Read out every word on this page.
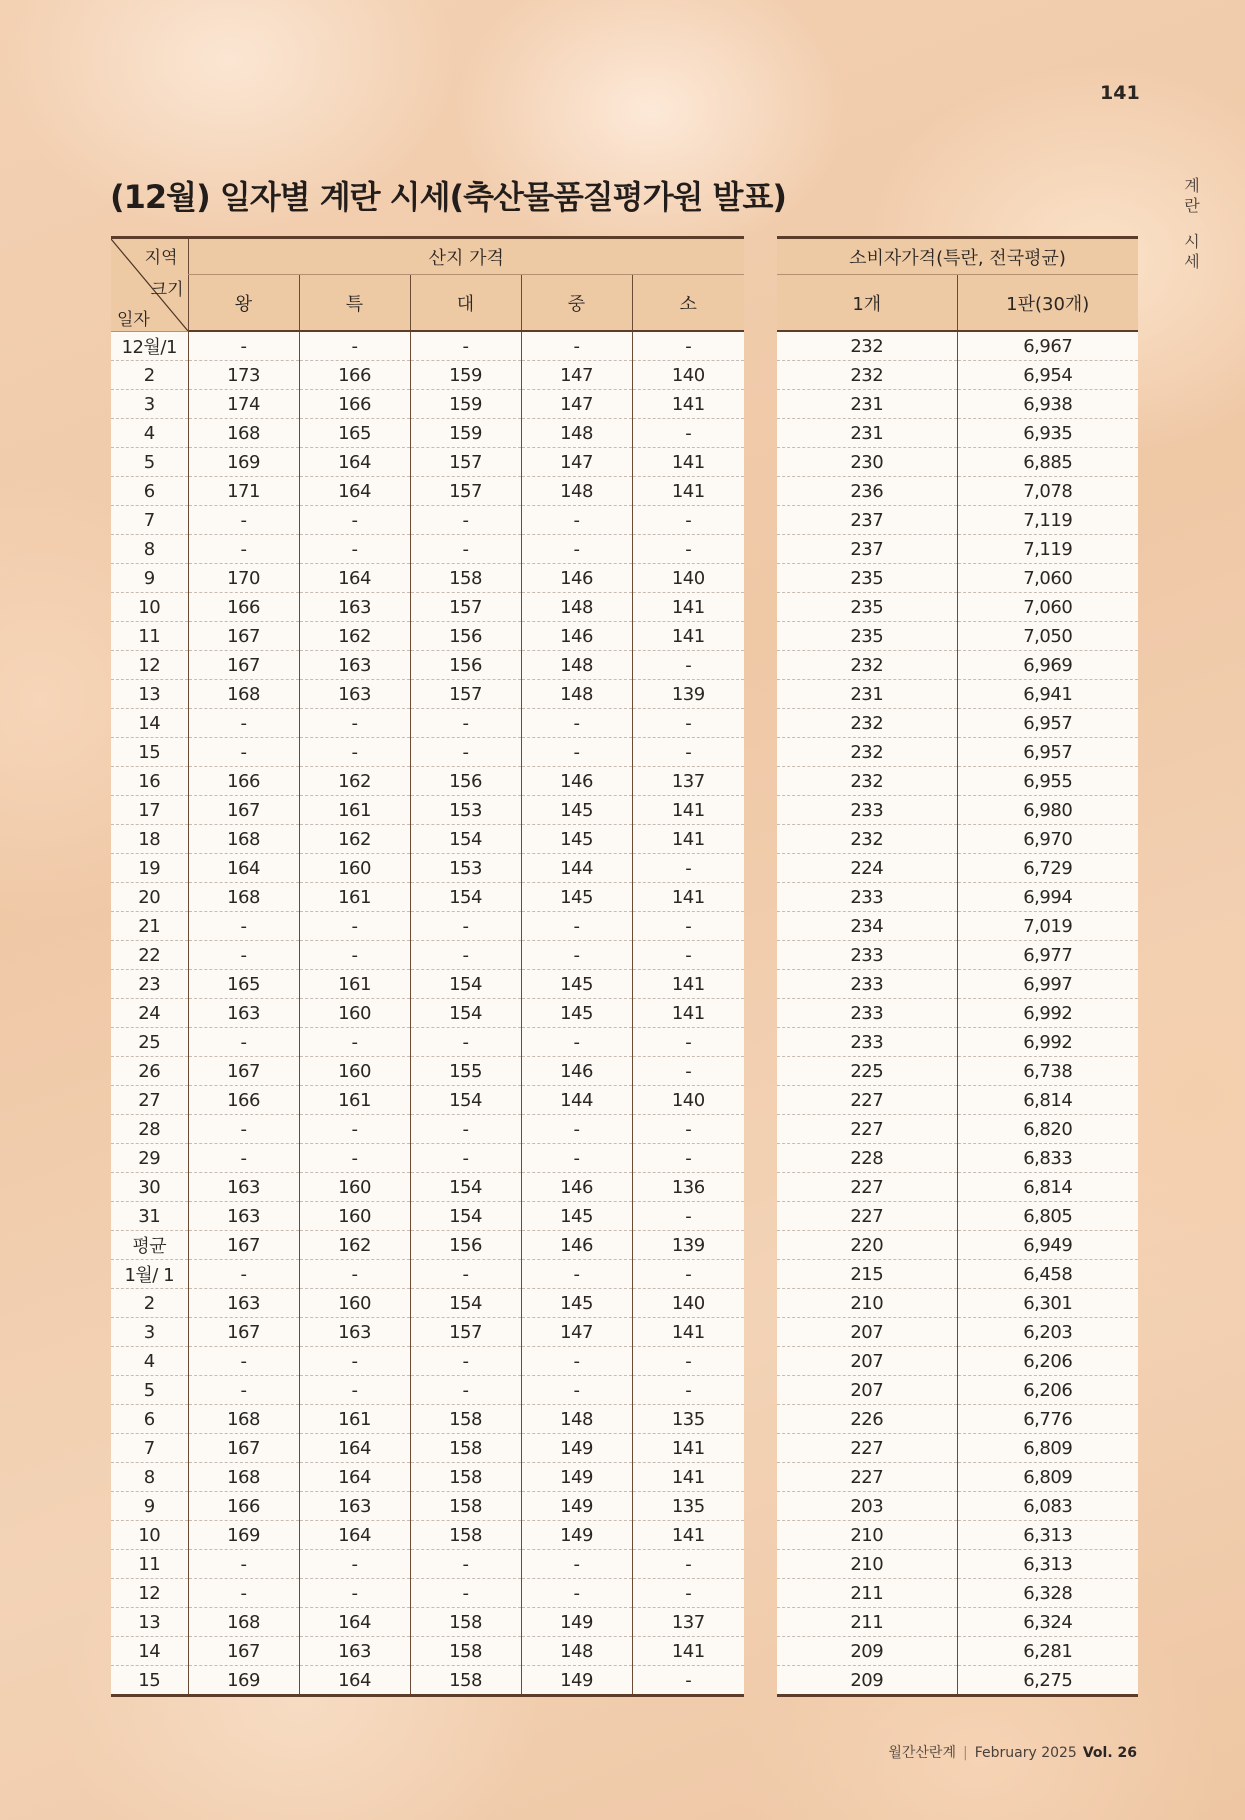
141
계
란
시
세
(12월) 일자별 계란 시세(축산물품질평가원 발표)
지역
크기
일자	산지 가격				
	왕	특	대	중	소
12월/1	-	-	-	-	-
2	173	166	159	147	140
3	174	166	159	147	141
4	168	165	159	148	-
5	169	164	157	147	141
6	171	164	157	148	141
7	-	-	-	-	-
8	-	-	-	-	-
9	170	164	158	146	140
10	166	163	157	148	141
11	167	162	156	146	141
12	167	163	156	148	-
13	168	163	157	148	139
14	-	-	-	-	-
15	-	-	-	-	-
16	166	162	156	146	137
17	167	161	153	145	141
18	168	162	154	145	141
19	164	160	153	144	-
20	168	161	154	145	141
21	-	-	-	-	-
22	-	-	-	-	-
23	165	161	154	145	141
24	163	160	154	145	141
25	-	-	-	-	-
26	167	160	155	146	-
27	166	161	154	144	140
28	-	-	-	-	-
29	-	-	-	-	-
30	163	160	154	146	136
31	163	160	154	145	-
평균	167	162	156	146	139
1월/ 1	-	-	-	-	-
2	163	160	154	145	140
3	167	163	157	147	141
4	-	-	-	-	-
5	-	-	-	-	-
6	168	161	158	148	135
7	167	164	158	149	141
8	168	164	158	149	141
9	166	163	158	149	135
10	169	164	158	149	141
11	-	-	-	-	-
12	-	-	-	-	-
13	168	164	158	149	137
14	167	163	158	148	141
15	169	164	158	149	-
소비자가격(특란, 전국평균)	
1개	1판(30개)
232	6,967
232	6,954
231	6,938
231	6,935
230	6,885
236	7,078
237	7,119
237	7,119
235	7,060
235	7,060
235	7,050
232	6,969
231	6,941
232	6,957
232	6,957
232	6,955
233	6,980
232	6,970
224	6,729
233	6,994
234	7,019
233	6,977
233	6,997
233	6,992
233	6,992
225	6,738
227	6,814
227	6,820
228	6,833
227	6,814
227	6,805
220	6,949
215	6,458
210	6,301
207	6,203
207	6,206
207	6,206
226	6,776
227	6,809
227	6,809
203	6,083
210	6,313
210	6,313
211	6,328
211	6,324
209	6,281
209	6,275
월간산란계 | February 2025 Vol. 26
